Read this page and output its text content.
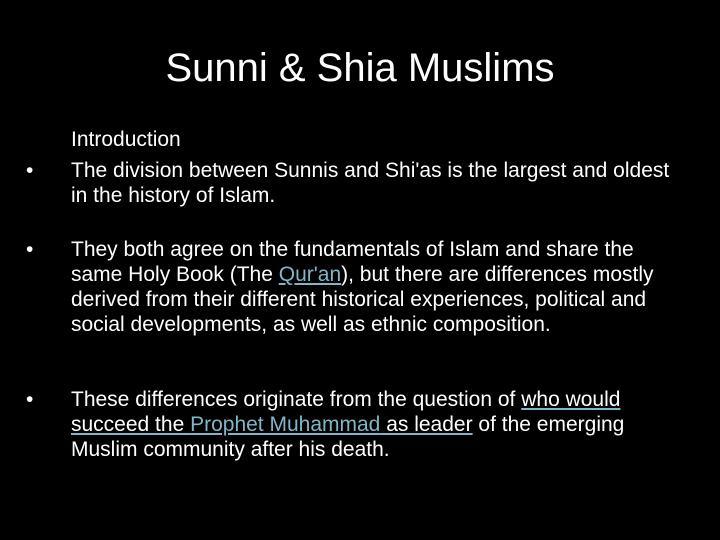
Sunni & Shia Muslims
Introduction
•	The division between Sunnis and Shi'as is the largest and oldest in the history of Islam.
•	They both agree on the fundamentals of Islam and share the same Holy Book (The Qur'an), but there are differences mostly derived from their different historical experiences, political and social developments, as well as ethnic composition.
•	These differences originate from the question of who would succeed the Prophet Muhammad as leader of the emerging Muslim community after his death.
